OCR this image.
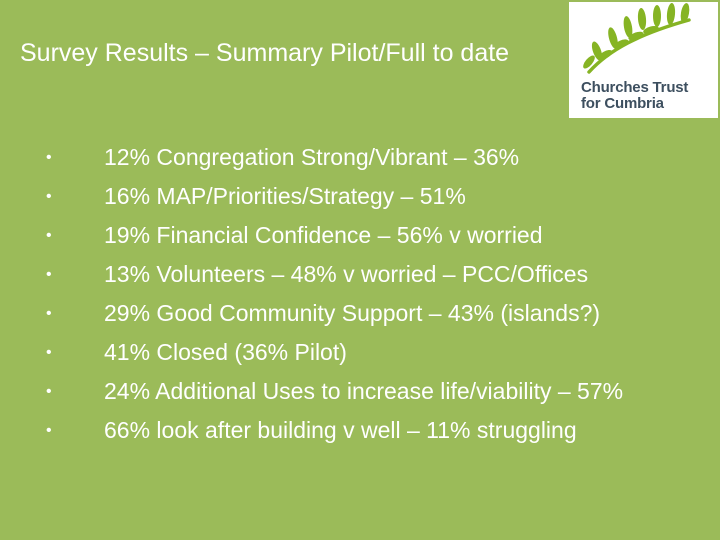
Survey Results – Summary Pilot/Full to date
Churches Trust
for Cumbria
• 12% Congregation Strong/Vibrant – 36%
• 16% MAP/Priorities/Strategy – 51%
• 19% Financial Confidence – 56% v worried
• 13% Volunteers – 48% v worried – PCC/Offices
• 29% Good Community Support – 43% (islands?)
• 41% Closed (36% Pilot)
• 24% Additional Uses to increase life/viability – 57%
• 66% look after building v well – 11% struggling
